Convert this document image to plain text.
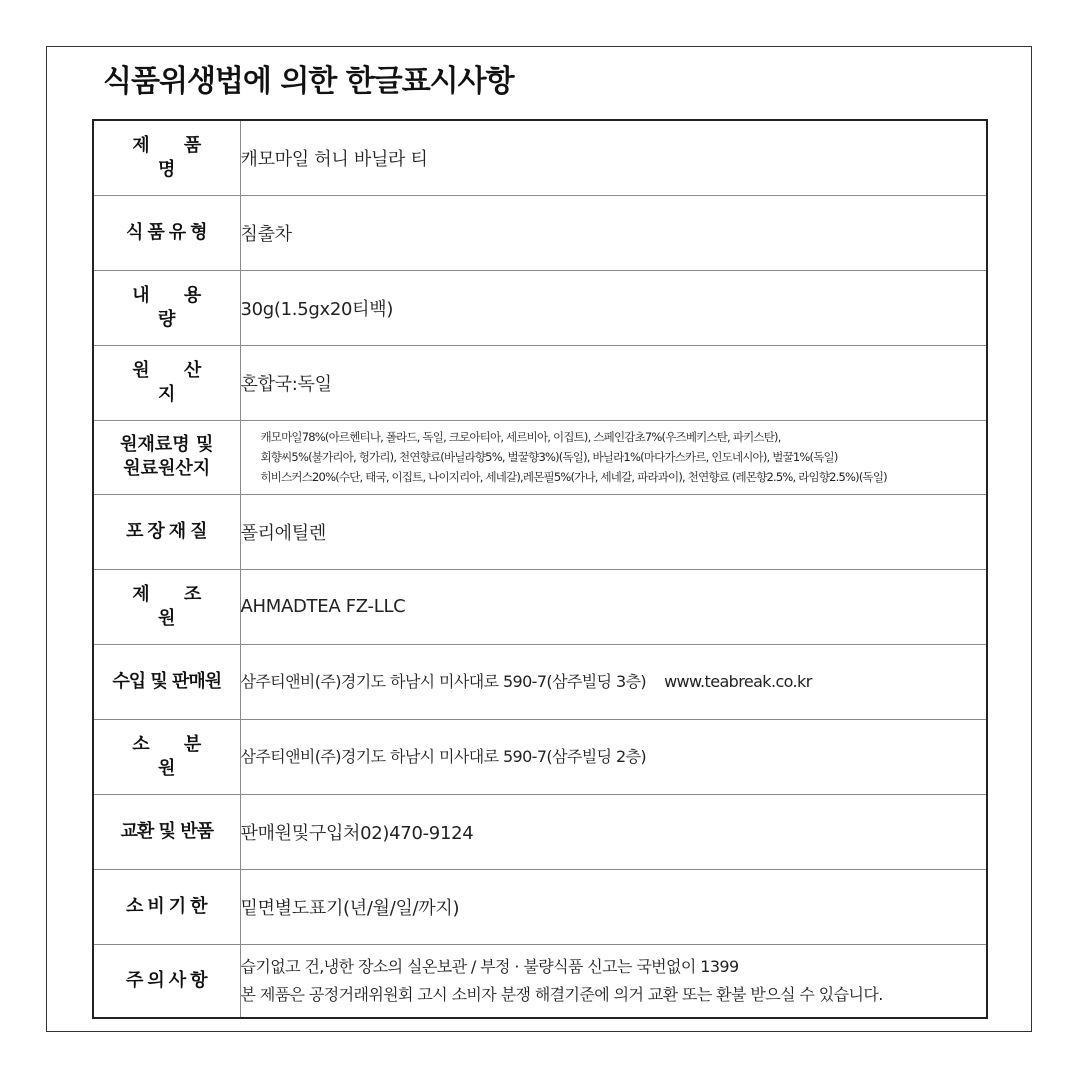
식품위생법에 의한 한글표시사항
제 품 명	캐모마일 허니 바닐라 티
식품유형	침출차
내 용 량	30g(1.5gx20티백)
원 산 지	혼합국:독일

원재료명 및
원료원산지	캐모마일78%(아르헨티나, 폴라드, 독일, 크로아티아, 세르비아, 이집트), 스페인감초7%(우즈베키스탄, 파키스탄),
회향씨5%(불가리아, 헝가리), 천연향료(바닐라향5%, 벌꿀향3%)(독일), 바닐라1%(마다가스카르, 인도네시아), 벌꿀1%(독일)
히비스커스20%(수단, 태국, 이집트, 나이지리아, 세네갈),레몬필5%(가나, 세네갈, 파라과이), 천연향료 (레몬향2.5%, 라임향2.5%)(독일)

포장재질	폴리에틸렌
제 조 원	AHMADTEA FZ-LLC
수입 및 판매원	삼주티앤비(주)경기도 하남시 미사대로 590-7(삼주빌딩 3층) www.teabreak.co.kr
소 분 원	삼주티앤비(주)경기도 하남시 미사대로 590-7(삼주빌딩 2층)
교환 및 반품	판매원및구입처02)470-9124
소비기한	밑면별도표기(년/월/일/까지)
주의사항	습기없고 건,냉한 장소의 실온보관 / 부정 · 불량식품 신고는 국번없이 1399
본 제품은 공정거래위원회 고시 소비자 분쟁 해결기준에 의거 교환 또는 환불 받으실 수 있습니다.
